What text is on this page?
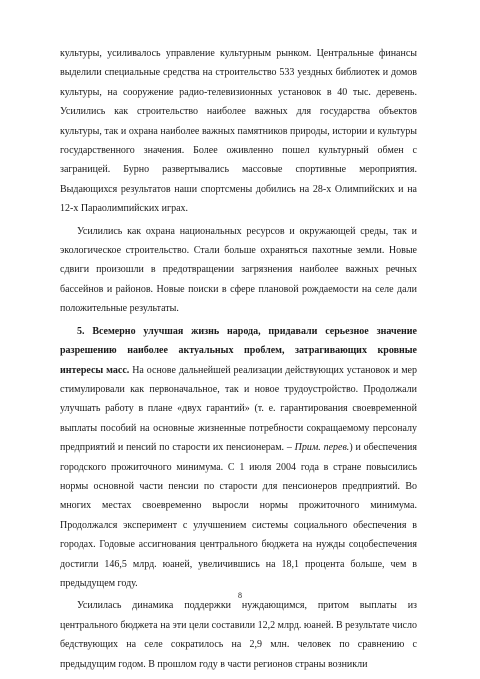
культуры, усиливалось управление культурным рынком. Центральные финансы выделили специальные средства на строительство 533 уездных библиотек и домов культуры, на сооружение радио-телевизионных установок в 40 тыс. деревень. Усилились как строительство наиболее важных для государства объектов культуры, так и охрана наиболее важных памятников природы, истории и культуры государственного значения. Более оживленно пошел культурный обмен с заграницей. Бурно развертывались массовые спортивные мероприятия. Выдающихся результатов наши спортсмены добились на 28-х Олимпийских и на 12-х Параолимпийских играх.

Усилились как охрана национальных ресурсов и окружающей среды, так и экологическое строительство. Стали больше охраняться пахотные земли. Новые сдвиги произошли в предотвращении загрязнения наиболее важных речных бассейнов и районов. Новые поиски в сфере плановой рождаемости на селе дали положительные результаты.

5. Всемерно улучшая жизнь народа, придавали серьезное значение разрешению наиболее актуальных проблем, затрагивающих кровные интересы масс. На основе дальнейшей реализации действующих установок и мер стимулировали как первоначальное, так и новое трудоустройство. Продолжали улучшать работу в плане «двух гарантий» (т. е. гарантирования своевременной выплаты пособий на основные жизненные потребности сокращаемому персоналу предприятий и пенсий по старости их пенсионерам. – Прим. перев.) и обеспечения городского прожиточного минимума. С 1 июля 2004 года в стране повысились нормы основной части пенсии по старости для пенсионеров предприятий. Во многих местах своевременно выросли нормы прожиточного минимума. Продолжался эксперимент с улучшением системы социального обеспечения в городах. Годовые ассигнования центрального бюджета на нужды соцобеспечения достигли 146,5 млрд. юаней, увеличившись на 18,1 процента больше, чем в предыдущем году.

Усилилась динамика поддержки нуждающимся, притом выплаты из центрального бюджета на эти цели составили 12,2 млрд. юаней. В результате число бедствующих на селе сократилось на 2,9 млн. человек по сравнению с предыдущим годом. В прошлом году в части регионов страны возникли

8
